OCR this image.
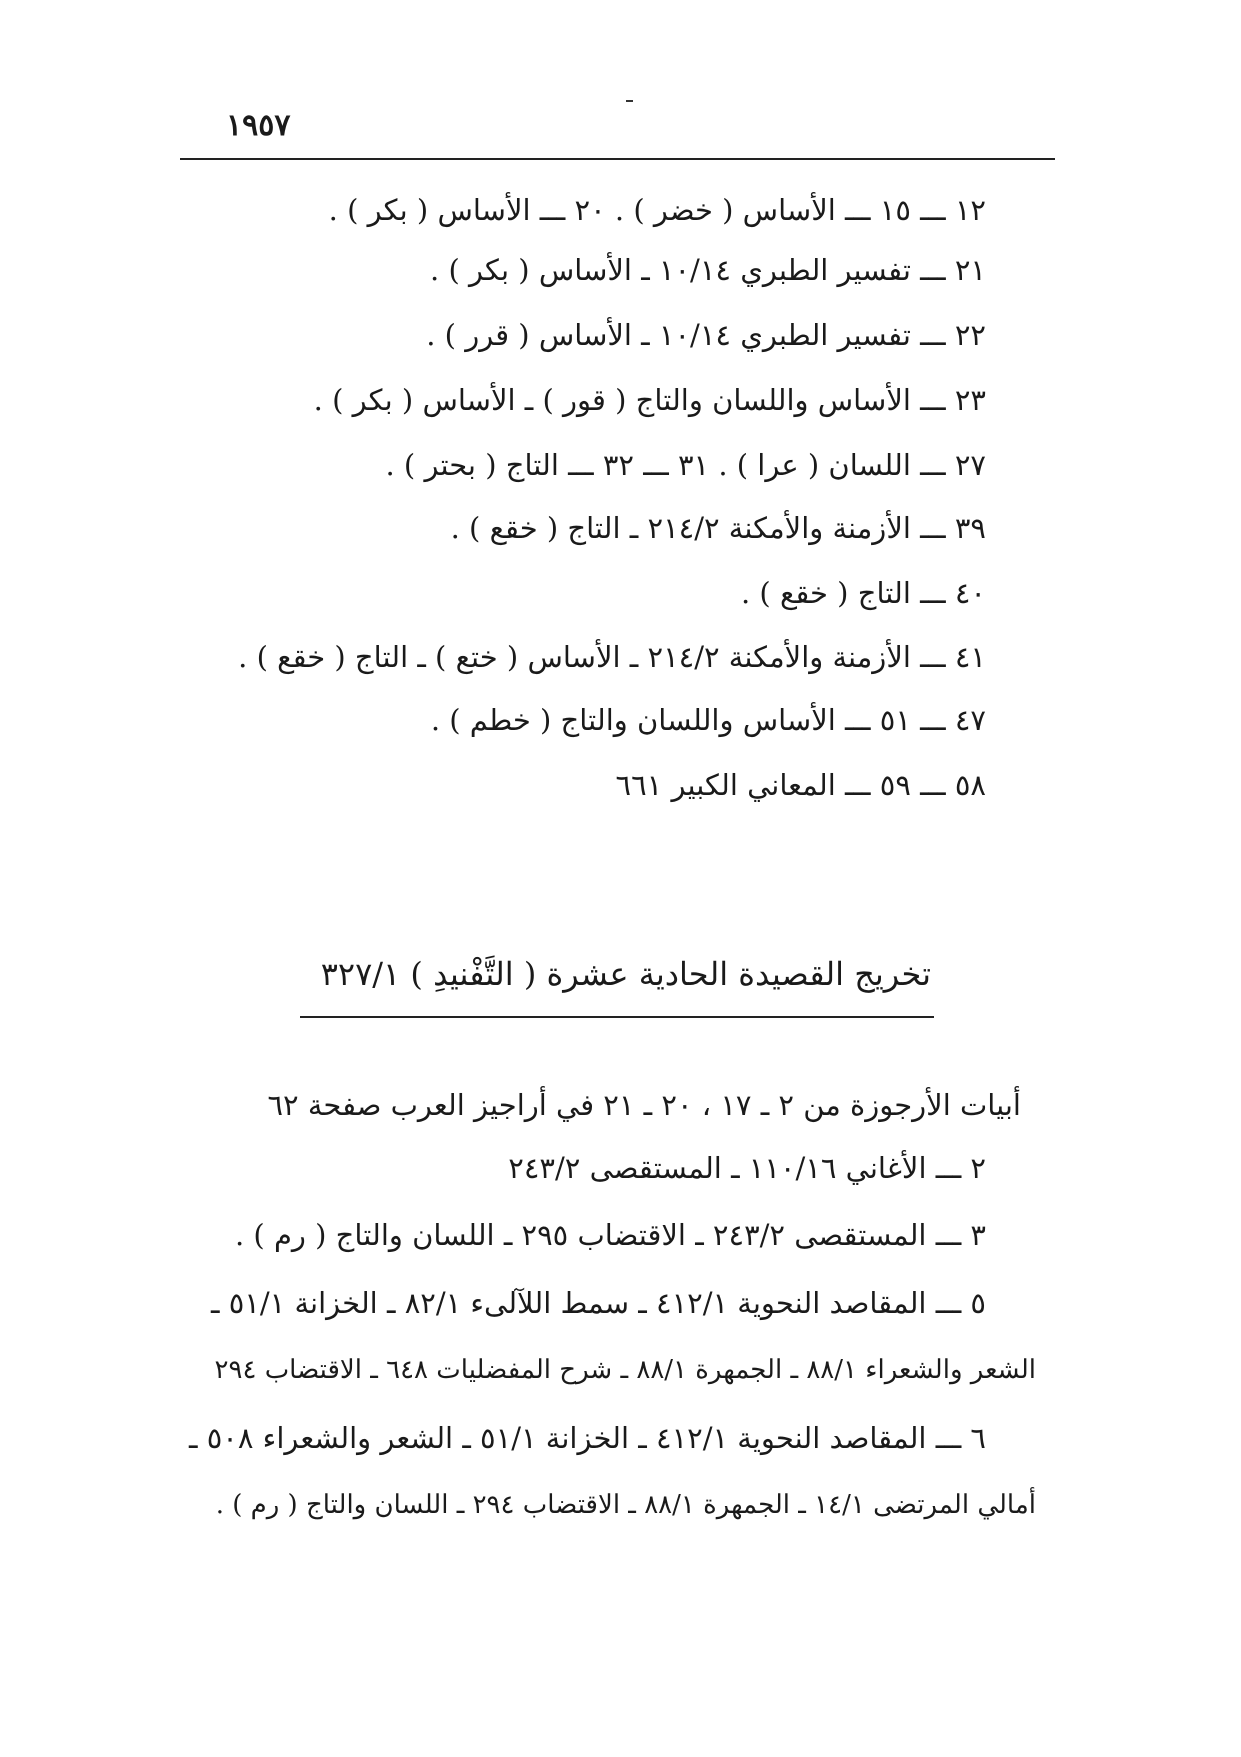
١٩٥٧
١٢ ـــ ١٥ ـــ الأساس ( خضر ) . ٢٠ ـــ الأساس ( بكر ) .
٢١ ـــ تفسير الطبري ١٠/١٤ ـ الأساس ( بكر ) .
٢٢ ـــ تفسير الطبري ١٠/١٤ ـ الأساس ( قرر ) .
٢٣ ـــ الأساس واللسان والتاج ( قور ) ـ الأساس ( بكر ) .
٢٧ ـــ اللسان ( عرا ) . ٣١ ـــ ٣٢ ـــ التاج ( بحتر ) .
٣٩ ـــ الأزمنة والأمكنة ٢١٤/٢ ـ التاج ( خقع ) .
٤٠ ـــ التاج ( خقع ) .
٤١ ـــ الأزمنة والأمكنة ٢١٤/٢ ـ الأساس ( ختع ) ـ التاج ( خقع ) .
٤٧ ـــ ٥١ ـــ الأساس واللسان والتاج ( خطم ) .
٥٨ ـــ ٥٩ ـــ المعاني الكبير ٦٦١
تخريج القصيدة الحادية عشرة ( التَّفْنيدِ ) ٣٢٧/١
أبيات الأرجوزة من ٢ ـ ١٧ ، ٢٠ ـ ٢١ في أراجيز العرب صفحة ٦٢
٢ ـــ الأغاني ١١٠/١٦ ـ المستقصى ٢٤٣/٢
٣ ـــ المستقصى ٢٤٣/٢ ـ الاقتضاب ٢٩٥ ـ اللسان والتاج ( رم ) .
٥ ـــ المقاصد النحوية ٤١٢/١ ـ سمط اللآلىء ٨٢/١ ـ الخزانة ٥١/١ ـ
الشعر والشعراء ٨٨/١ ـ الجمهرة ٨٨/١ ـ شرح المفضليات ٦٤٨ ـ الاقتضاب ٢٩٤
٦ ـــ المقاصد النحوية ٤١٢/١ ـ الخزانة ٥١/١ ـ الشعر والشعراء ٥٠٨ ـ
أمالي المرتضى ١٤/١ ـ الجمهرة ٨٨/١ ـ الاقتضاب ٢٩٤ ـ اللسان والتاج ( رم ) .
